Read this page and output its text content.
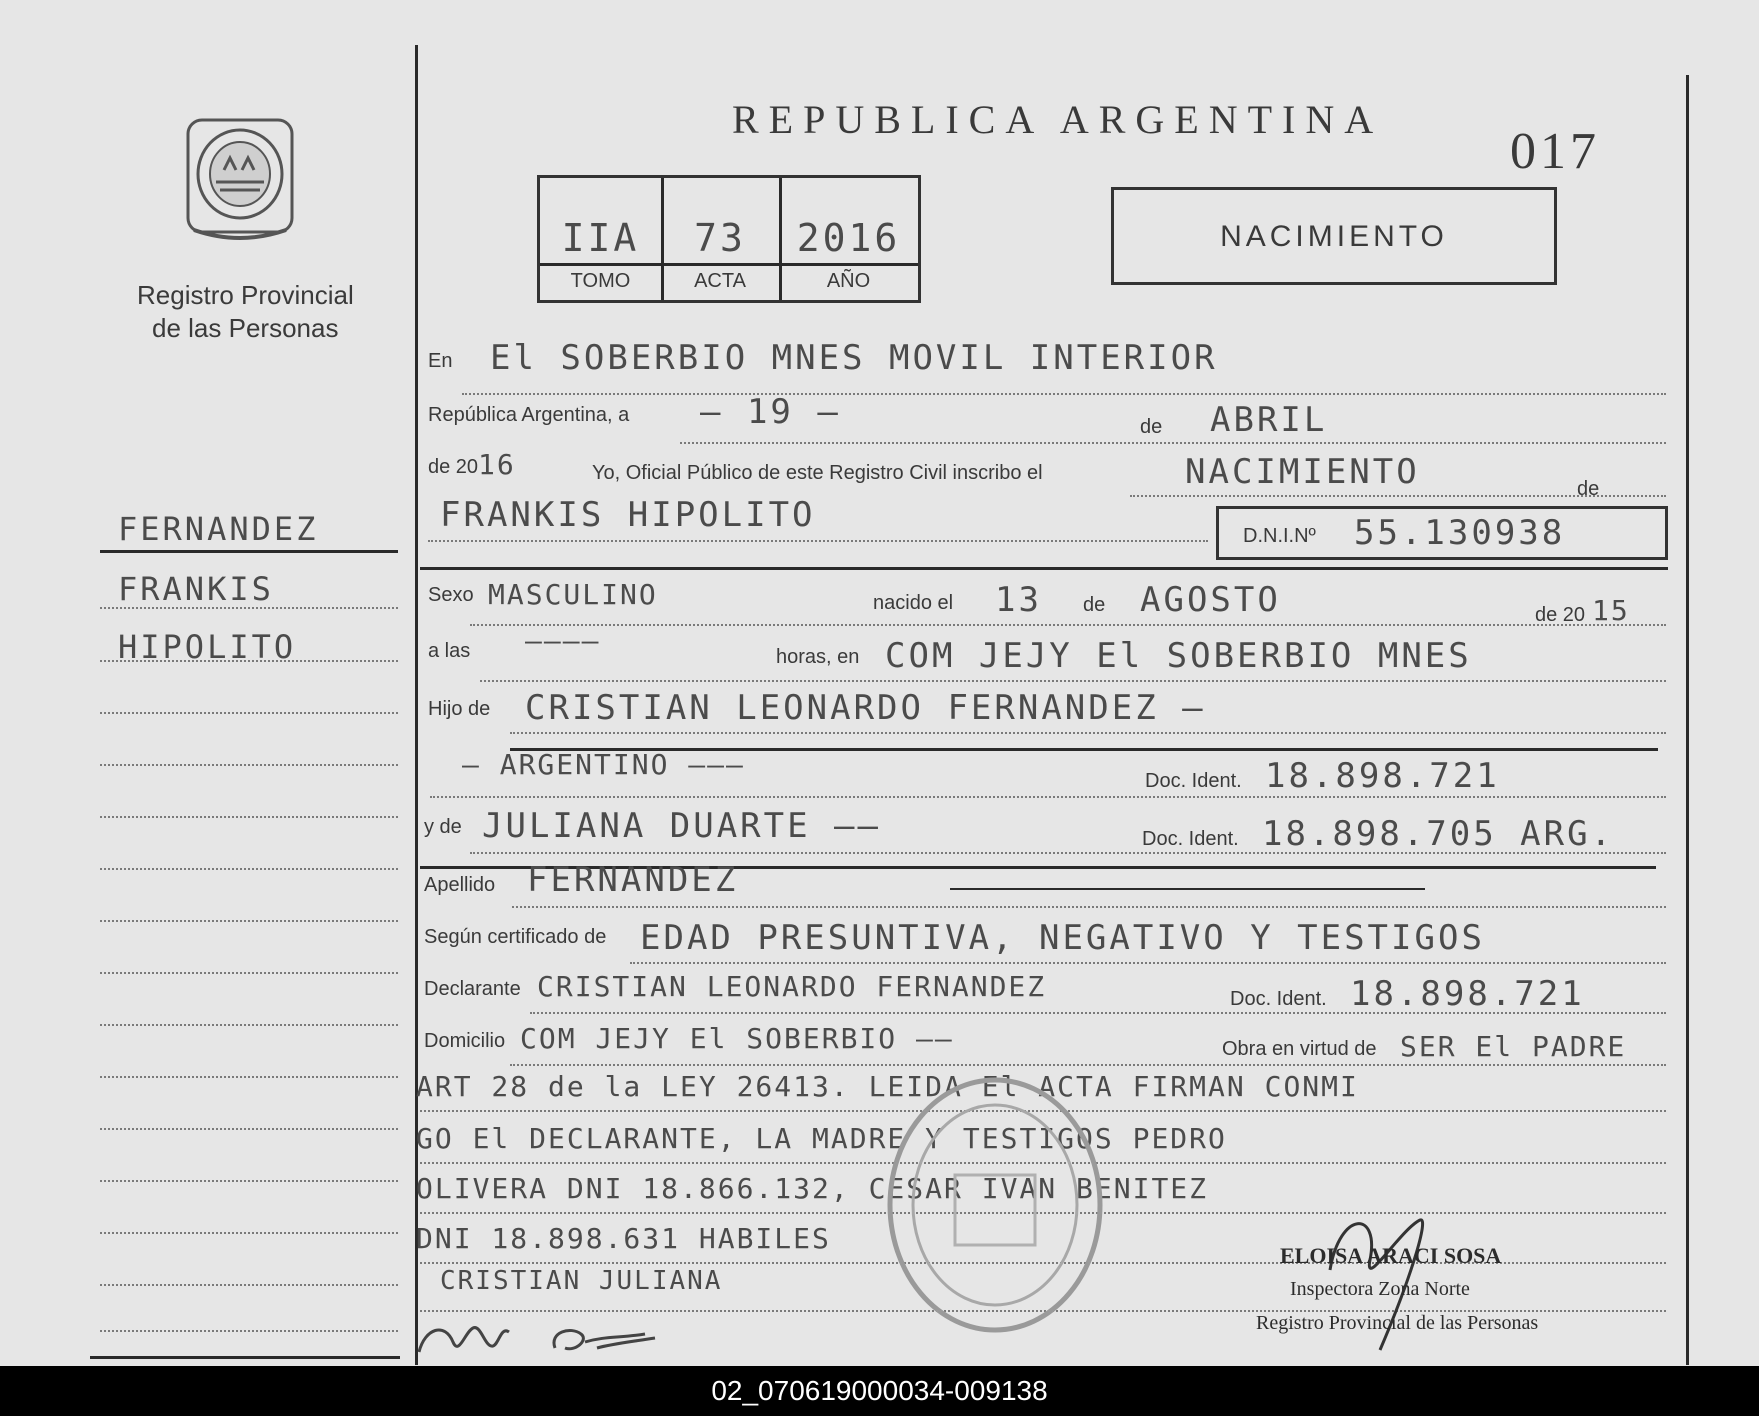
Registro Provincial
de las Personas
REPUBLICA ARGENTINA
017
IIA	73	2016
TOMO	ACTA	AÑO
NACIMIENTO
FERNANDEZ
FRANKIS
HIPOLITO
En El SOBERBIO MNES MOVIL INTERIOR
República Argentina, a — 19 —	de ABRIL
de 20 16	Yo, Oficial Público de este Registro Civil inscribo el	NACIMIENTO	de
FRANKIS HIPOLITO
D.N.I.Nº 55.130938
Sexo MASCULINO	nacido el 13 de AGOSTO	de 20 15
a las ————	horas, en COM JEJY El SOBERBIO MNES
Hijo de CRISTIAN LEONARDO FERNANDEZ —
— ARGENTINO ———	Doc. Ident. 18.898.721
y de JULIANA DUARTE ——	Doc. Ident. 18.898.705 ARG.
Apellido FERNANDEZ
Según certificado de EDAD PRESUNTIVA, NEGATIVO Y TESTIGOS
Declarante CRISTIAN LEONARDO FERNANDEZ	Doc. Ident. 18.898.721
Domicilio COM JEJY El SOBERBIO ——	Obra en virtud de SER El PADRE
ART 28 de la LEY 26413. LEIDA El ACTA FIRMAN CONMI
GO El DECLARANTE, LA MADRE Y TESTIGOS PEDRO
OLIVERA DNI 18.866.132, CESAR IVAN BENITEZ
DNI 18.898.631 HABILES
CRISTIAN JULIANA
ELOISA ARACI SOSA
Inspectora Zona Norte
Registro Provincial de las Personas
02_070619000034-009138
